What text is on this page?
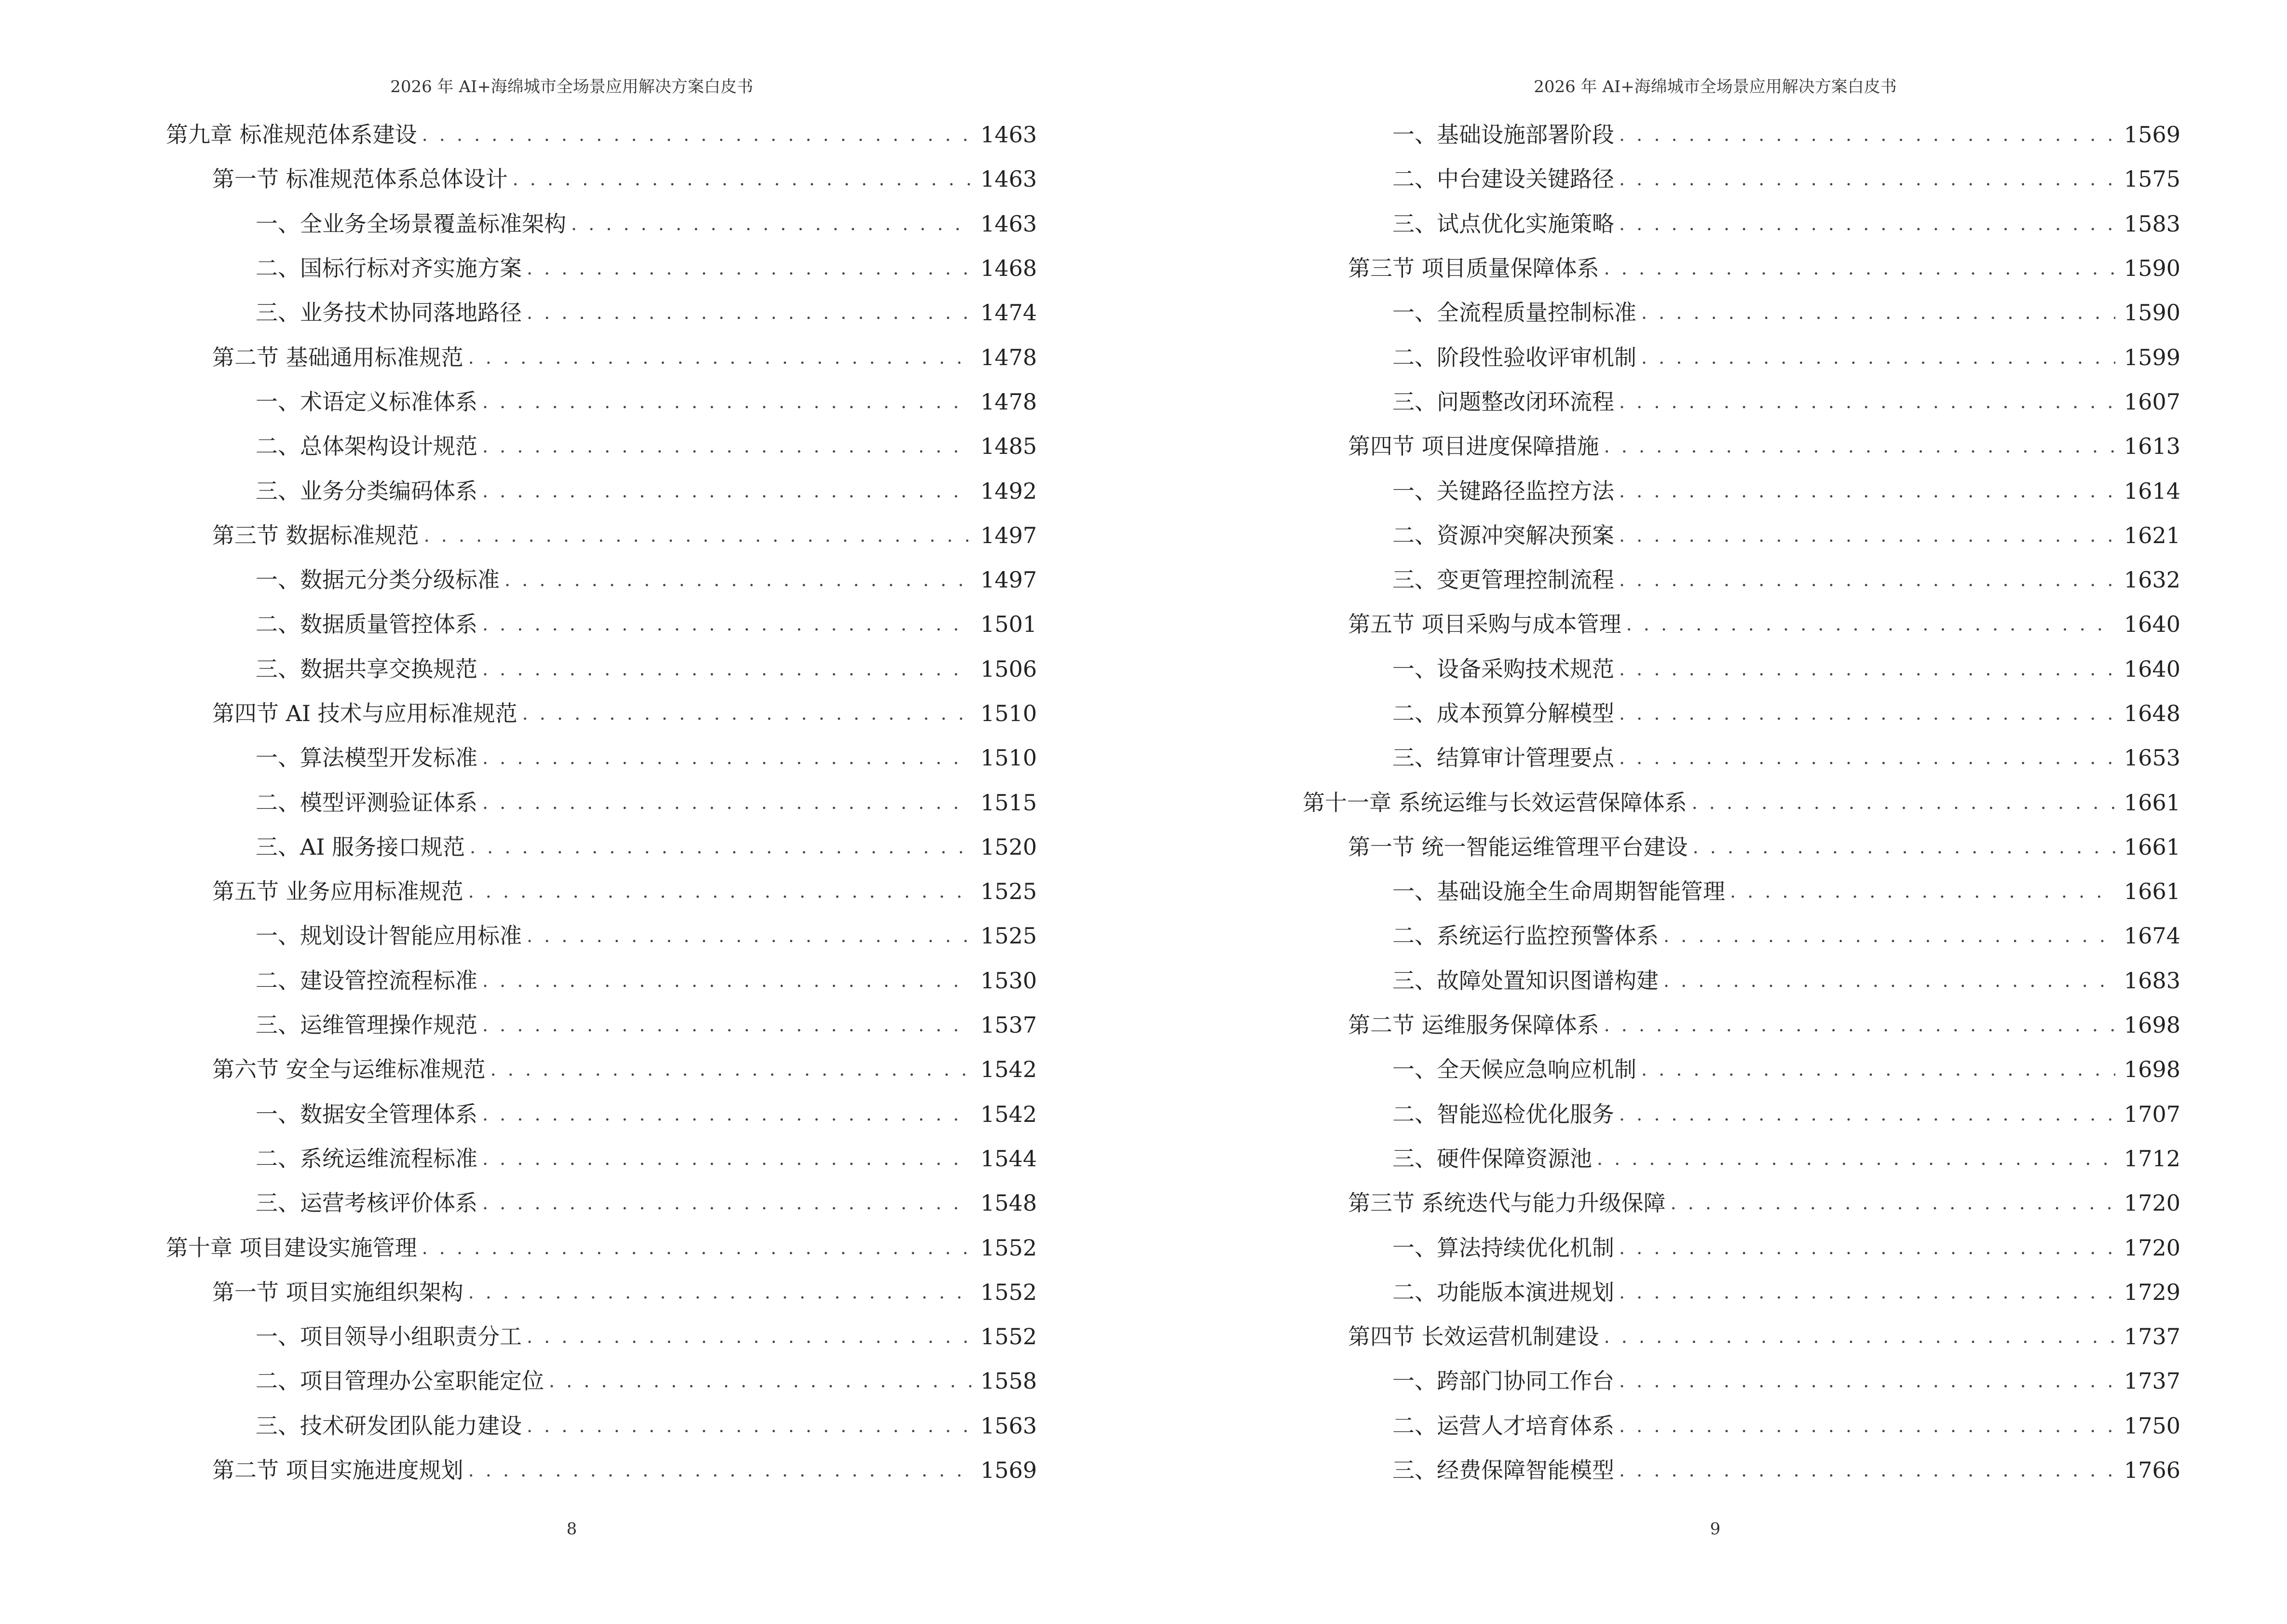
2026 年 AI+海绵城市全场景应用解决方案白皮书
第九章 标准规范体系建设 . . .	1463
第一节 标准规范体系总体设计 . . .	1463
一、全业务全场景覆盖标准架构 . . .	1463
二、国标行标对齐实施方案 . . .	1468
三、业务技术协同落地路径 . . .	1474
第二节 基础通用标准规范 . . .	1478
一、术语定义标准体系 . . .	1478
二、总体架构设计规范 . . .	1485
三、业务分类编码体系 . . .	1492
第三节 数据标准规范 . . .	1497
一、数据元分类分级标准 . . .	1497
二、数据质量管控体系 . . .	1501
三、数据共享交换规范 . . .	1506
第四节 AI 技术与应用标准规范 . . .	1510
一、算法模型开发标准 . . .	1510
二、模型评测验证体系 . . .	1515
三、AI 服务接口规范 . . .	1520
第五节 业务应用标准规范 . . .	1525
一、规划设计智能应用标准 . . .	1525
二、建设管控流程标准 . . .	1530
三、运维管理操作规范 . . .	1537
第六节 安全与运维标准规范 . . .	1542
一、数据安全管理体系 . . .	1542
二、系统运维流程标准 . . .	1544
三、运营考核评价体系 . . .	1548
第十章 项目建设实施管理 . . .	1552
第一节 项目实施组织架构 . . .	1552
一、项目领导小组职责分工 . . .	1552
二、项目管理办公室职能定位 . . .	1558
三、技术研发团队能力建设 . . .	1563
第二节 项目实施进度规划 . . .	1569
8
2026 年 AI+海绵城市全场景应用解决方案白皮书
一、基础设施部署阶段 . . .	1569
二、中台建设关键路径 . . .	1575
三、试点优化实施策略 . . .	1583
第三节 项目质量保障体系 . . .	1590
一、全流程质量控制标准 . . .	1590
二、阶段性验收评审机制 . . .	1599
三、问题整改闭环流程 . . .	1607
第四节 项目进度保障措施 . . .	1613
一、关键路径监控方法 . . .	1614
二、资源冲突解决预案 . . .	1621
三、变更管理控制流程 . . .	1632
第五节 项目采购与成本管理 . . .	1640
一、设备采购技术规范 . . .	1640
二、成本预算分解模型 . . .	1648
三、结算审计管理要点 . . .	1653
第十一章 系统运维与长效运营保障体系 . . .	1661
第一节 统一智能运维管理平台建设 . . .	1661
一、基础设施全生命周期智能管理 . . .	1661
二、系统运行监控预警体系 . . .	1674
三、故障处置知识图谱构建 . . .	1683
第二节 运维服务保障体系 . . .	1698
一、全天候应急响应机制 . . .	1698
二、智能巡检优化服务 . . .	1707
三、硬件保障资源池 . . .	1712
第三节 系统迭代与能力升级保障 . . .	1720
一、算法持续优化机制 . . .	1720
二、功能版本演进规划 . . .	1729
第四节 长效运营机制建设 . . .	1737
一、跨部门协同工作台 . . .	1737
二、运营人才培育体系 . . .	1750
三、经费保障智能模型 . . .	1766
9
